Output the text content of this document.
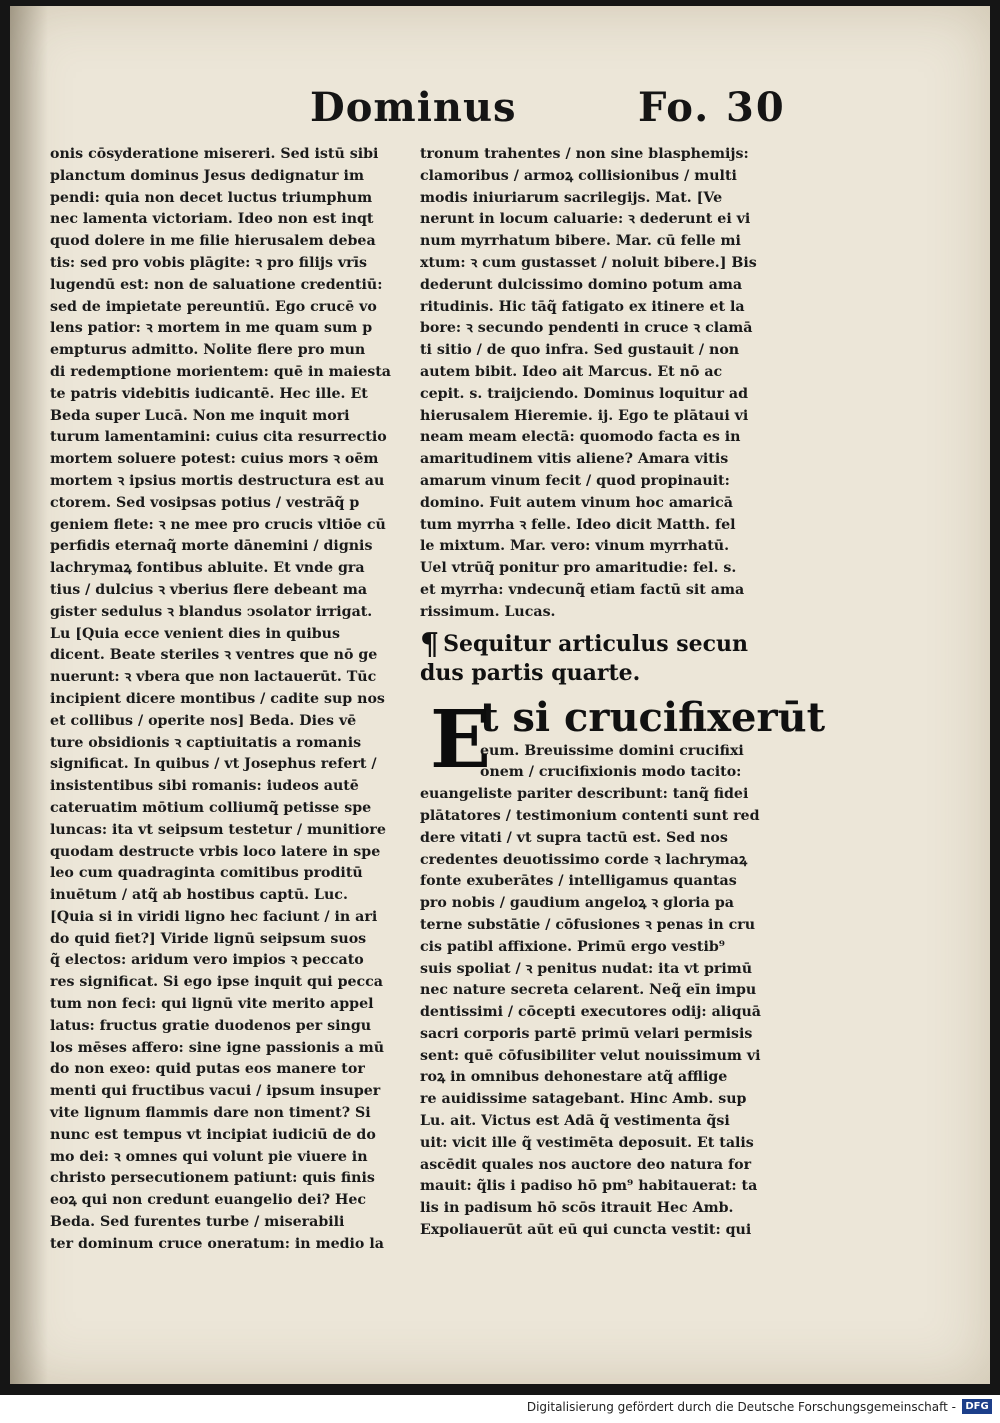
Dominus	Fo. 30
onis cōsyderatione misereri. Sed istū sibi
planctum dominus Jesus dedignatur im
pendi: quia non decet luctus triumphum
nec lamenta victoriam. Ideo non est inqt
quod dolere in me filie hierusalem debea
tis: sed pro vobis plāgite: ꝛ pro filijs vrīs
lugendū est: non de saluatione credentiū:
sed de impietate pereuntiū. Ego crucē vo
lens patior: ꝛ mortem in me quam sum p
empturus admitto. Nolite flere pro mun
di redemptione morientem: quē in maiesta
te patris videbitis iudicantē. Hec ille. Et
Beda super Lucā. Non me inquit mori
turum lamentamini: cuius cita resurrectio
mortem soluere potest: cuius mors ꝛ oēm
mortem ꝛ ipsius mortis destructura est au
ctorem. Sed vosipsas potius / vestrāq̃ p
geniem flete: ꝛ ne mee pro crucis vltiōe cū
perfidis eternaq̃ morte dānemini / dignis
lachrymaꝝ fontibus abluite. Et vnde gra
tius / dulcius ꝛ vberius flere debeant ma
gister sedulus ꝛ blandus ↄsolator irrigat.
Lu [Quia ecce venient dies in quibus
dicent. Beate steriles ꝛ ventres que nō ge
nuerunt: ꝛ vbera que non lactauerūt. Tūc
incipient dicere montibus / cadite sup nos
et collibus / operite nos] Beda. Dies vē
ture obsidionis ꝛ captiuitatis a romanis
significat. In quibus / vt Josephus refert /
insistentibus sibi romanis: iudeos autē
cateruatim mōtium colliumq̃ petisse spe
luncas: ita vt seipsum testetur / munitiore
quodam destructe vrbis loco latere in spe
leo cum quadraginta comitibus proditū
inuētum / atq̃ ab hostibus captū. Luc.
[Quia si in viridi ligno hec faciunt / in ari
do quid fiet?] Viride lignū seipsum suos
q̃ electos: aridum vero impios ꝛ peccato
res significat. Si ego ipse inquit qui pecca
tum non feci: qui lignū vite merito appel
latus: fructus gratie duodenos per singu
los mēses affero: sine igne passionis a mū
do non exeo: quid putas eos manere tor
menti qui fructibus vacui / ipsum insuper
vite lignum flammis dare non timent? Si
nunc est tempus vt incipiat iudiciū de do
mo dei: ꝛ omnes qui volunt pie viuere in
christo persecutionem patiunt: quis finis
eoꝝ qui non credunt euangelio dei? Hec
Beda. Sed furentes turbe / miserabili
ter dominum cruce oneratum: in medio la
tronum trahentes / non sine blasphemijs:
clamoribus / armoꝝ collisionibus / multi
modis iniuriarum sacrilegijs. Mat. [Ve
nerunt in locum caluarie: ꝛ dederunt ei vi
num myrrhatum bibere. Mar. cū felle mi
xtum: ꝛ cum gustasset / noluit bibere.] Bis
dederunt dulcissimo domino potum ama
ritudinis. Hic tāq̃ fatigato ex itinere et la
bore: ꝛ secundo pendenti in cruce ꝛ clamā
ti sitio / de quo infra. Sed gustauit / non
autem bibit. Ideo ait Marcus. Et nō ac
cepit. s. traijciendo. Dominus loquitur ad
hierusalem Hieremie. ij. Ego te plātaui vi
neam meam electā: quomodo facta es in
amaritudinem vitis aliene? Amara vitis
amarum vinum fecit / quod propinauit:
domino. Fuit autem vinum hoc amaricā
tum myrrha ꝛ felle. Ideo dicit Matth. fel
le mixtum. Mar. vero: vinum myrrhatū.
Uel vtrūq̃ ponitur pro amaritudie: fel. s.
et myrrha: vndecunq̃ etiam factū sit ama
rissimum. Lucas.
¶ Sequitur articulus secun
dus partis quarte.
E
t si crucifixerūt
eum. Breuissime domini crucifixi
onem / crucifixionis modo tacito:
euangeliste pariter describunt: tanq̃ fidei
plātatores / testimonium contenti sunt red
dere vitati / vt supra tactū est. Sed nos
credentes deuotissimo corde ꝛ lachrymaꝝ
fonte exuberātes / intelligamus quantas
pro nobis / gaudium angeloꝝ ꝛ gloria pa
terne substātie / cōfusiones ꝛ penas in cru
cis patibl affixione. Primū ergo vestib⁹
suis spoliat / ꝛ penitus nudat: ita vt primū
nec nature secreta celarent. Neq̃ eīn impu
dentissimi / cōcepti executores odij: aliquā
sacri corporis partē primū velari permisis
sent: quē cōfusibiliter velut nouissimum vi
roꝝ in omnibus dehonestare atq̃ afflige
re auidissime satagebant. Hinc Amb. sup
Lu. ait. Victus est Adā q̃ vestimenta q̃si
uit: vicit ille q̃ vestimēta deposuit. Et talis
ascēdit quales nos auctore deo natura for
mauit: q̃lis i padiso hō pm⁹ habitauerat: ta
lis in padisum hō scōs itrauit Hec Amb.
Expoliauerūt aūt eū qui cuncta vestit: qui
Digitalisierung gefördert durch die Deutsche Forschungsgemeinschaft - DFG
